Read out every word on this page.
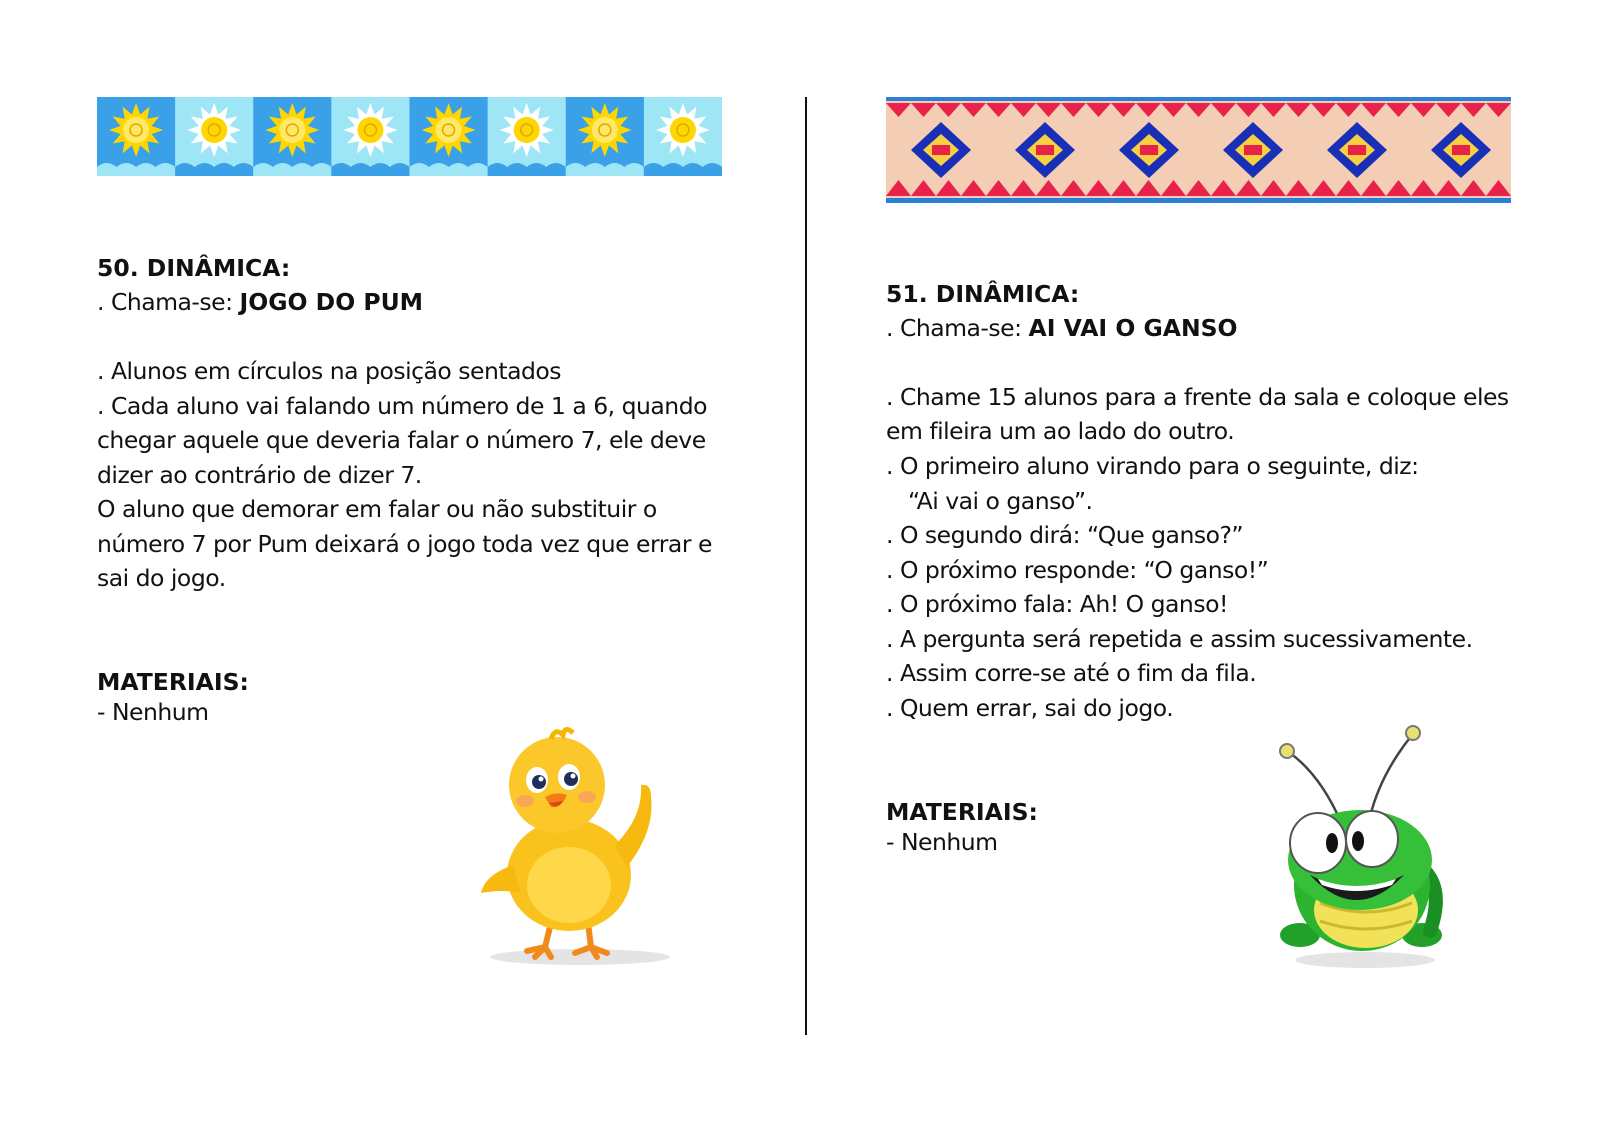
50. DINÂMICA:
. Chama-se: JOGO DO PUM
. Alunos em círculos na posição sentados
. Cada aluno vai falando um número de 1 a 6, quando
chegar aquele que deveria falar o número 7, ele deve
dizer ao contrário de dizer 7.
O aluno que demorar em falar ou não substituir o
número 7 por Pum deixará o jogo toda vez que errar e
sai do jogo.
MATERIAIS:
- Nenhum
51. DINÂMICA:
. Chama-se: AI VAI O GANSO
. Chame 15 alunos para a frente da sala e coloque eles
em fileira um ao lado do outro.
. O primeiro aluno virando para o seguinte, diz:
“Ai vai o ganso”.
. O segundo dirá: “Que ganso?”
. O próximo responde: “O ganso!”
. O próximo fala: Ah! O ganso!
. A pergunta será repetida e assim sucessivamente.
. Assim corre-se até o fim da fila.
. Quem errar, sai do jogo.
MATERIAIS:
- Nenhum
